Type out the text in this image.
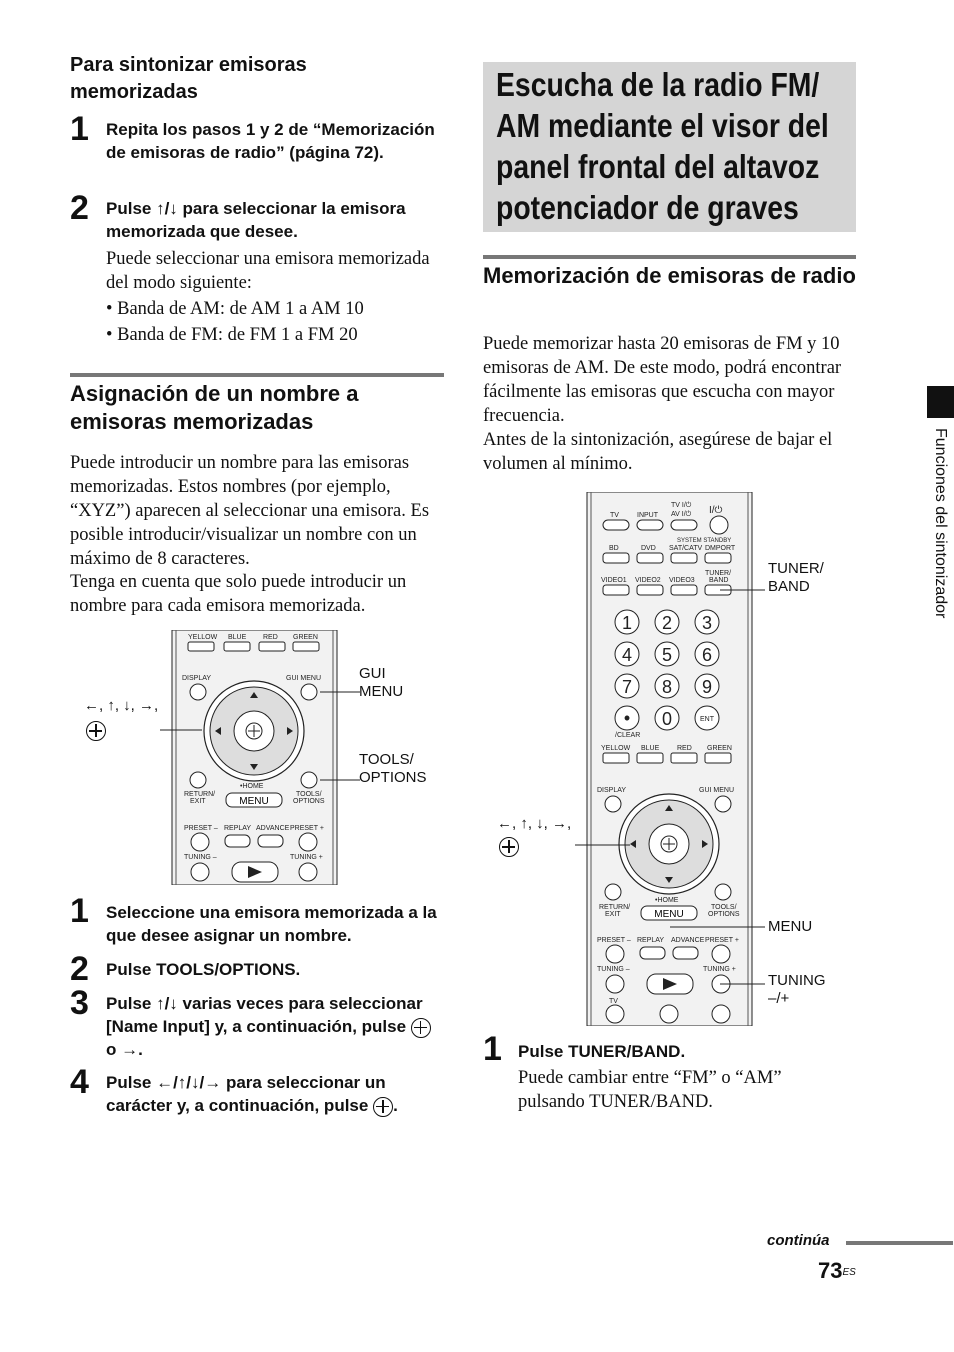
Para sintonizar emisoras memorizadas
1 Repita los pasos 1 y 2 de “Memorización de emisoras de radio” (página 72).
2 Pulse ↑/↓ para seleccionar la emisora memorizada que desee.
Puede seleccionar una emisora memorizada del modo siguiente:
• Banda de AM: de AM 1 a AM 10
• Banda de FM: de FM 1 a FM 20
Asignación de un nombre a emisoras memorizadas
Puede introducir un nombre para las emisoras memorizadas. Estos nombres (por ejemplo, “XYZ”) aparecen al seleccionar una emisora. Es posible introducir/visualizar un nombre con un máximo de 8 caracteres.
Tenga en cuenta que solo puede introducir un nombre para cada emisora memorizada.
YELLOW BLUE RED GREEN
DISPLAY	GUI MENU
•HOME
RETURN/
EXIT
TOOLS/
OPTIONS
MENU
PRESET – REPLAY ADVANCE PRESET +
TUNING –	TUNING +
←, ↑, ↓, →,
GUI MENU
TOOLS/ OPTIONS
1 Seleccione una emisora memorizada a la que desee asignar un nombre.
2 Pulse TOOLS/OPTIONS.
3 Pulse ↑/↓ varias veces para seleccionar [Name Input] y, a continuación, pulse  o →.
4 Pulse ←/↑/↓/→ para seleccionar un carácter y, a continuación, pulse .
Escucha de la radio FM/
AM mediante el visor del
panel frontal del altavoz
potenciador de graves
Memorización de emisoras de radio
Puede memorizar hasta 20 emisoras de FM y 10 emisoras de AM. De este modo, podrá encontrar fácilmente las emisoras que escucha con mayor frecuencia.
Antes de la sintonización, asegúrese de bajar el volumen al mínimo.
TV	INPUT
TV I/⏻
AV I/⏻ I/⏻
SYSTEM STANDBY
BD	DVD SAT/CATV DMPORT
TUNER/
BAND
VIDEO1 VIDEO2 VIDEO3
1 2 3
4 5 6
7 8 9
• 0	ENT
/CLEAR
YELLOW BLUE	RED GREEN
DISPLAY	GUI MENU
•HOME
RETURN/
EXIT
TOOLS/
OPTIONS
MENU
PRESET – REPLAY ADVANCE PRESET +
TUNING –	TUNING +
TV
TUNER/ BAND
←, ↑, ↓, →,
MENU
TUNING –/+
1 Pulse TUNER/BAND.
Puede cambiar entre “FM” o “AM” pulsando TUNER/BAND.
Funciones del sintonizador
continúa
$73^{ES}$
